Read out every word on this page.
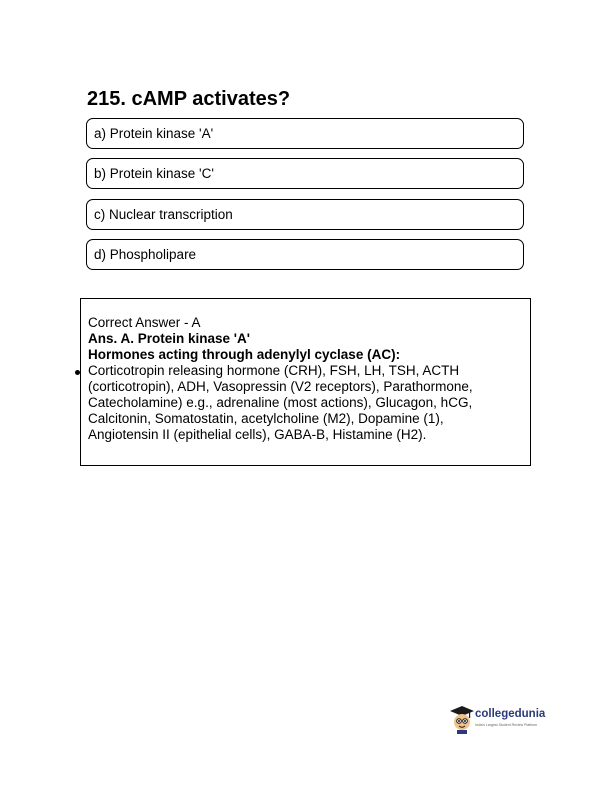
215. cAMP activates?
a) Protein kinase 'A'
b) Protein kinase 'C'
c) Nuclear transcription
d) Phospholipare
Correct Answer - A
Ans. A. Protein kinase 'A'
Hormones acting through adenylyl cyclase (AC):
Corticotropin releasing hormone (CRH), FSH, LH, TSH, ACTH
(corticotropin), ADH, Vasopressin (V2 receptors), Parathormone,
Catecholamine) e.g., adrenaline (most actions), Glucagon, hCG,
Calcitonin, Somatostatin, acetylcholine (M2), Dopamine (1),
Angiotensin II (epithelial cells), GABA-B, Histamine (H2).
collegedunia
India's Largest Student Review Platform
